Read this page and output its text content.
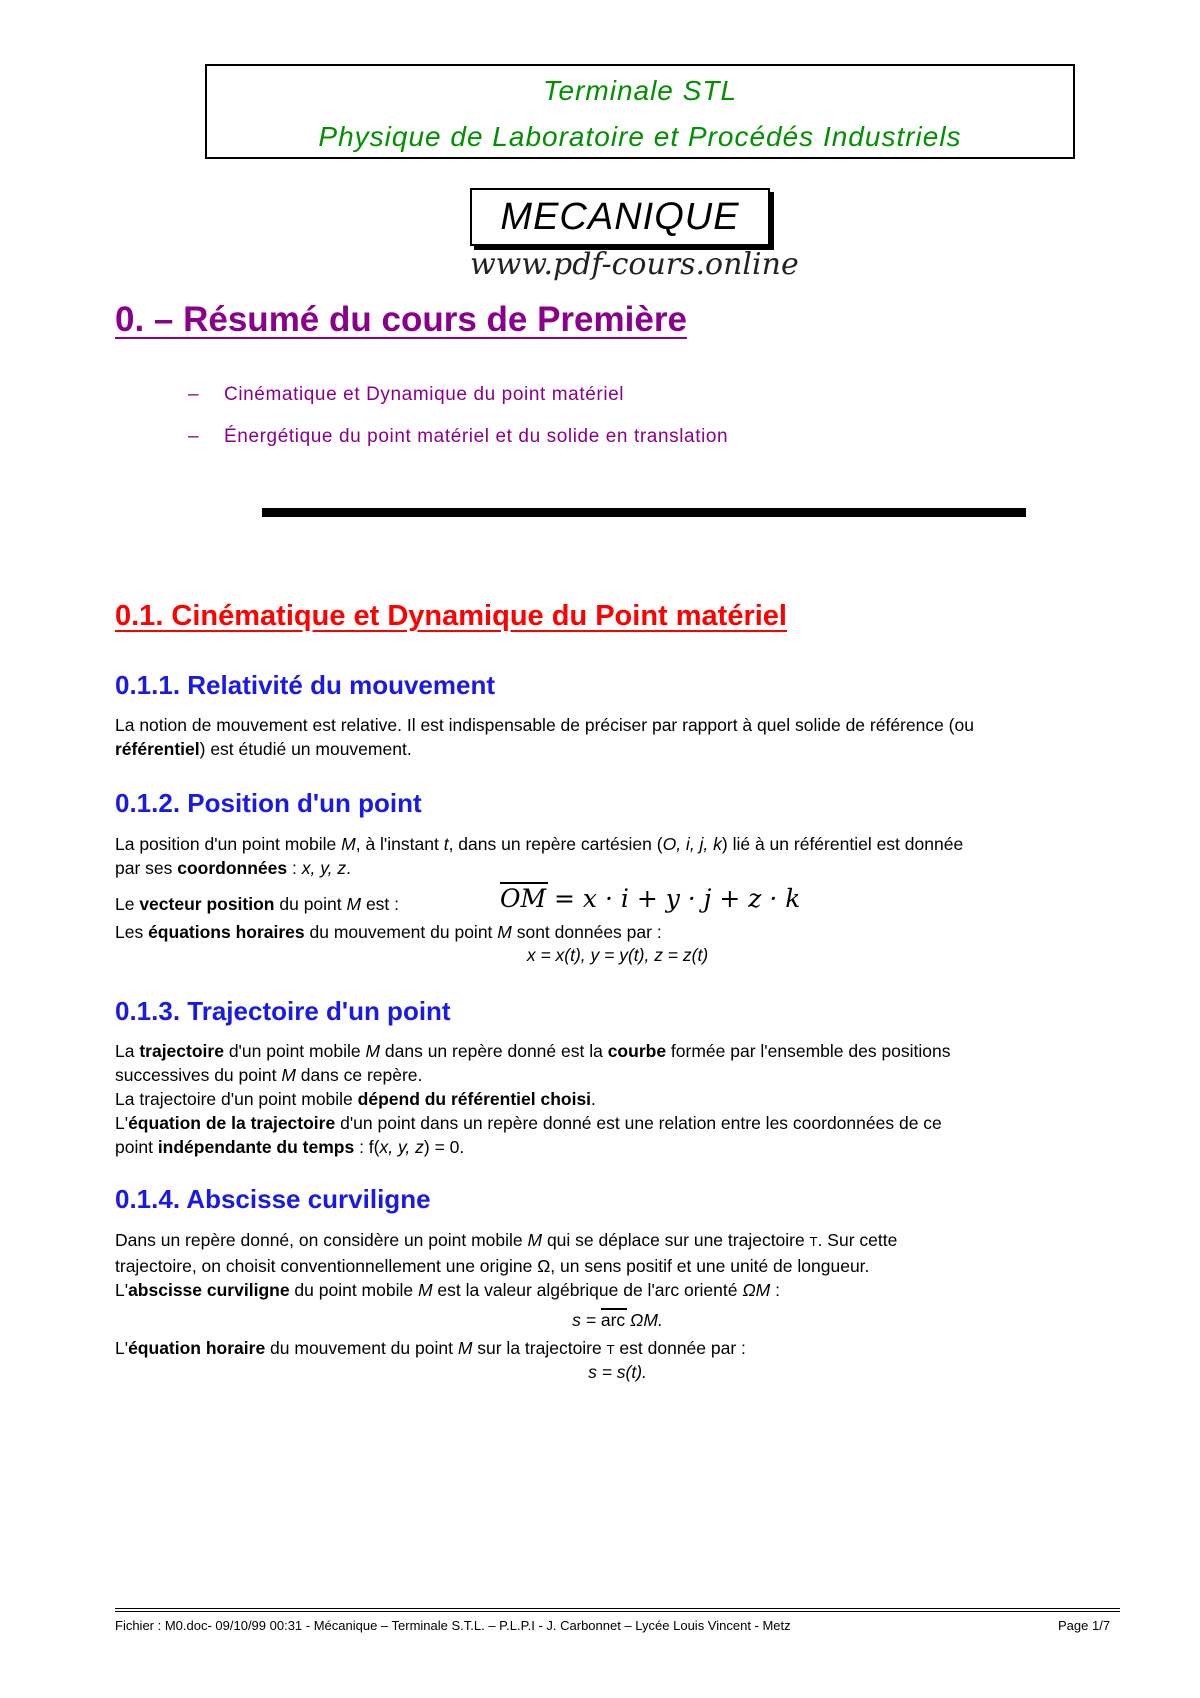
Terminale STL
Physique de Laboratoire et Procédés Industriels
MECANIQUE
www.pdf-cours.online
0. – Résumé du cours de Première
– Cinématique et Dynamique du point matériel
– Énergétique du point matériel et du solide en translation
0.1. Cinématique et Dynamique du Point matériel
0.1.1. Relativité du mouvement
La notion de mouvement est relative. Il est indispensable de préciser par rapport à quel solide de référence (ou
référentiel) est étudié un mouvement.
0.1.2. Position d'un point
La position d'un point mobile M, à l'instant t, dans un repère cartésien (O, i, j, k) lié à un référentiel est donnée
par ses coordonnées : x, y, z.
Le vecteur position du point M est :	OM = x · i + y · j + z · k
Les équations horaires du mouvement du point M sont données par :
x = x(t), y = y(t), z = z(t)
0.1.3. Trajectoire d'un point
La trajectoire d'un point mobile M dans un repère donné est la courbe formée par l'ensemble des positions
successives du point M dans ce repère.
La trajectoire d'un point mobile dépend du référentiel choisi.
L'équation de la trajectoire d'un point dans un repère donné est une relation entre les coordonnées de ce
point indépendante du temps : f(x, y, z) = 0.
0.1.4. Abscisse curviligne
Dans un repère donné, on considère un point mobile M qui se déplace sur une trajectoire T. Sur cette
trajectoire, on choisit conventionnellement une origine Ω, un sens positif et une unité de longueur.
L'abscisse curviligne du point mobile M est la valeur algébrique de l'arc orienté ΩM :
s = arc ΩM.
L'équation horaire du mouvement du point M sur la trajectoire T est donnée par :
s = s(t).
Fichier : M0.doc- 09/10/99 00:31 - Mécanique – Terminale S.T.L. – P.L.P.I - J. Carbonnet – Lycée Louis Vincent - Metz	Page 1/7
